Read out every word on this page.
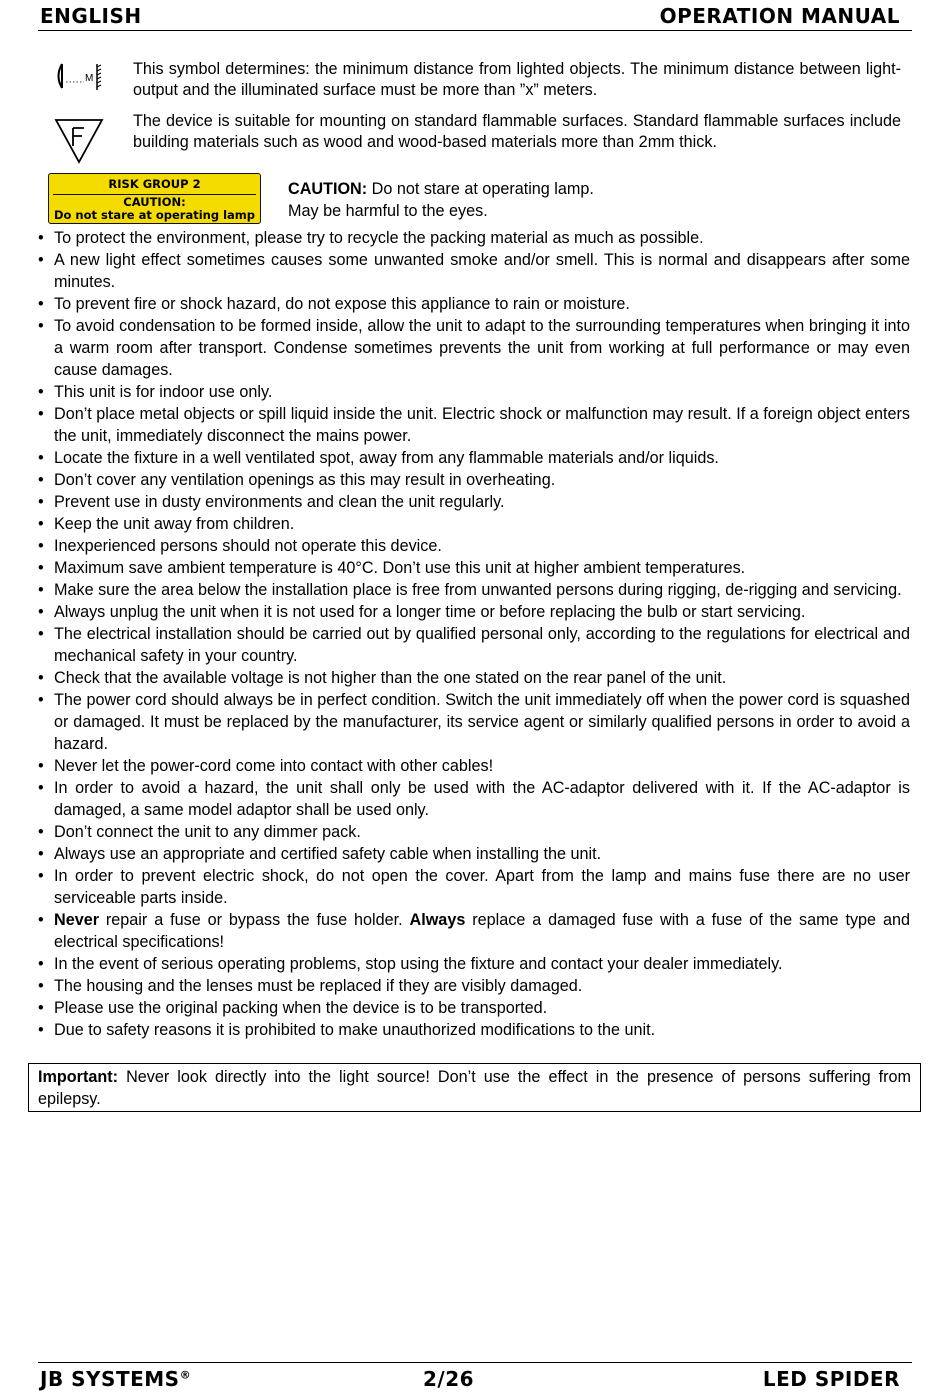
ENGLISH	OPERATION MANUAL
M
This symbol determines: the minimum distance from lighted objects. The minimum distance between light-output and the illuminated surface must be more than ”x” meters.
The device is suitable for mounting on standard flammable surfaces. Standard flammable surfaces include building materials such as wood and wood-based materials more than 2mm thick.
RISK GROUP 2
CAUTION:
Do not stare at operating lamp
CAUTION: Do not stare at operating lamp.
May be harmful to the eyes.
• To protect the environment, please try to recycle the packing material as much as possible.
• A new light effect sometimes causes some unwanted smoke and/or smell. This is normal and disappears after some minutes.
• To prevent fire or shock hazard, do not expose this appliance to rain or moisture.
• To avoid condensation to be formed inside, allow the unit to adapt to the surrounding temperatures when bringing it into a warm room after transport. Condense sometimes prevents the unit from working at full performance or may even cause damages.
• This unit is for indoor use only.
• Don’t place metal objects or spill liquid inside the unit. Electric shock or malfunction may result. If a foreign object enters the unit, immediately disconnect the mains power.
• Locate the fixture in a well ventilated spot, away from any flammable materials and/or liquids.
• Don’t cover any ventilation openings as this may result in overheating.
• Prevent use in dusty environments and clean the unit regularly.
• Keep the unit away from children.
• Inexperienced persons should not operate this device.
• Maximum save ambient temperature is 40°C. Don’t use this unit at higher ambient temperatures.
• Make sure the area below the installation place is free from unwanted persons during rigging, de-rigging and servicing.
• Always unplug the unit when it is not used for a longer time or before replacing the bulb or start servicing.
• The electrical installation should be carried out by qualified personal only, according to the regulations for electrical and mechanical safety in your country.
• Check that the available voltage is not higher than the one stated on the rear panel of the unit.
• The power cord should always be in perfect condition. Switch the unit immediately off when the power cord is squashed or damaged. It must be replaced by the manufacturer, its service agent or similarly qualified persons in order to avoid a hazard.
• Never let the power-cord come into contact with other cables!
• In order to avoid a hazard, the unit shall only be used with the AC-adaptor delivered with it. If the AC-adaptor is damaged, a same model adaptor shall be used only.
• Don’t connect the unit to any dimmer pack.
• Always use an appropriate and certified safety cable when installing the unit.
• In order to prevent electric shock, do not open the cover. Apart from the lamp and mains fuse there are no user serviceable parts inside.
• Never repair a fuse or bypass the fuse holder. Always replace a damaged fuse with a fuse of the same type and electrical specifications!
• In the event of serious operating problems, stop using the fixture and contact your dealer immediately.
• The housing and the lenses must be replaced if they are visibly damaged.
• Please use the original packing when the device is to be transported.
• Due to safety reasons it is prohibited to make unauthorized modifications to the unit.
Important: Never look directly into the light source! Don’t use the effect in the presence of persons suffering from epilepsy.
JB SYSTEMS®	2/26	LED SPIDER
